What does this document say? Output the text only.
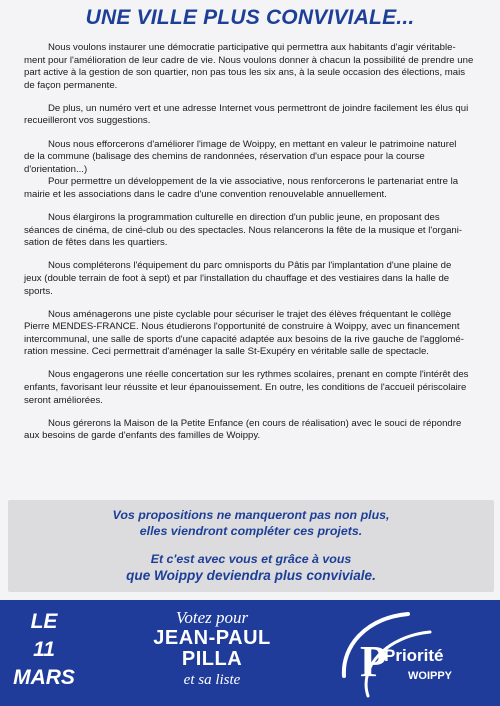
UNE VILLE PLUS CONVIVIALE...

Nous voulons instaurer une démocratie participative qui permettra aux habitants d'agir véritable-
ment pour l'amélioration de leur cadre de vie. Nous voulons donner à chacun la possibilité de prendre une
part active à la gestion de son quartier, non pas tous les six ans, à la seule occasion des élections, mais
de façon permanente.

De plus, un numéro vert et une adresse Internet vous permettront de joindre facilement les élus qui
recueilleront vos suggestions.

Nous nous efforcerons d'améliorer l'image de Woippy, en mettant en valeur le patrimoine naturel
de la commune (balisage des chemins de randonnées, réservation d'un espace pour la course
d'orientation...)

Pour permettre un développement de la vie associative, nous renforcerons le partenariat entre la
mairie et les associations dans le cadre d'une convention renouvelable annuellement.

Nous élargirons la programmation culturelle en direction d'un public jeune, en proposant des
séances de cinéma, de ciné-club ou des spectacles. Nous relancerons la fête de la musique et l'organi-
sation de fêtes dans les quartiers.

Nous compléterons l'équipement du parc omnisports du Pâtis par l'implantation d'une plaine de
jeux (double terrain de foot à sept) et par l'installation du chauffage et des vestiaires dans la halle de
sports.

Nous aménagerons une piste cyclable pour sécuriser le trajet des élèves fréquentant le collège
Pierre MENDES-FRANCE. Nous étudierons l'opportunité de construire à Woippy, avec un financement
intercommunal, une salle de sports d'une capacité adaptée aux besoins de la rive gauche de l'agglomé-
ration messine. Ceci permettrait d'aménager la salle St-Exupéry en véritable salle de spectacle.

Nous engagerons une réelle concertation sur les rythmes scolaires, prenant en compte l'intérêt des
enfants, favorisant leur réussite et leur épanouissement. En outre, les conditions de l'accueil périscolaire
seront améliorées.

Nous gérerons la Maison de la Petite Enfance (en cours de réalisation) avec le souci de répondre
aux besoins de garde d'enfants des familles de Woippy.

Vos propositions ne manqueront pas non plus,
elles viendront compléter ces projets.
Et c'est avec vous et grâce à vous
que Woippy deviendra plus conviviale.
LE
11
MARS
Votez pour
JEAN-PAUL
PILLA
et sa liste	P
Priorité
WOIPPY
